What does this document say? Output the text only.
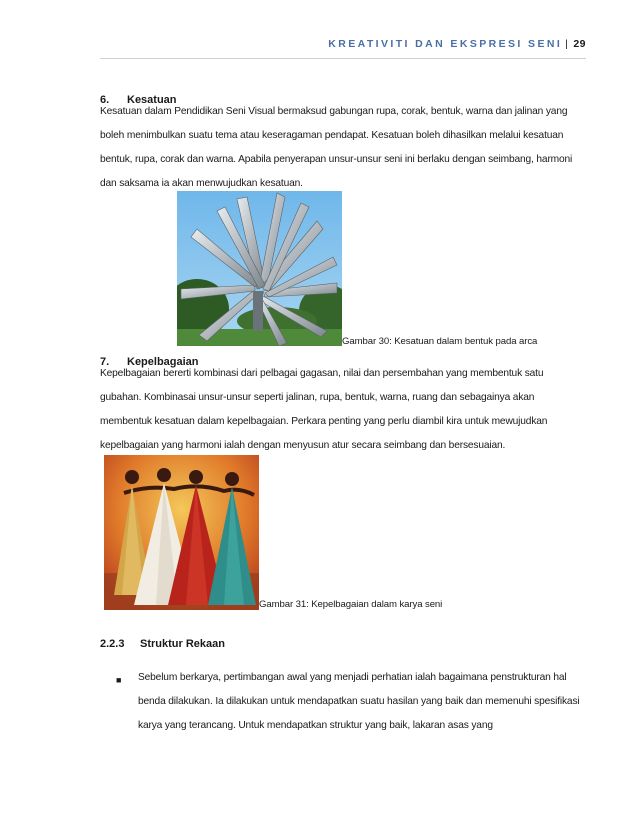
KREATIVITI DAN EKSPRESI SENI | 29
6. Kesatuan
Kesatuan dalam Pendidikan Seni Visual bermaksud gabungan rupa, corak, bentuk, warna dan jalinan yang boleh menimbulkan suatu tema atau keseragaman pendapat. Kesatuan boleh dihasilkan melalui kesatuan bentuk, rupa, corak dan warna. Apabila penyerapan unsur-unsur seni ini berlaku dengan seimbang, harmoni dan saksama ia akan menwujudkan kesatuan.
Gambar 30: Kesatuan dalam bentuk pada arca
7. Kepelbagaian
Kepelbagaian bererti kombinasi dari pelbagai gagasan, nilai dan persembahan yang membentuk satu gubahan. Kombinasai unsur-unsur seperti jalinan, rupa, bentuk, warna, ruang dan sebagainya akan membentuk kesatuan dalam kepelbagaian. Perkara penting yang perlu diambil kira untuk mewujudkan kepelbagaian yang harmoni ialah dengan menyusun atur secara seimbang dan bersesuaian.
Gambar 31: Kepelbagaian dalam karya seni
2.2.3 Struktur Rekaan
■ Sebelum berkarya, pertimbangan awal yang menjadi perhatian ialah bagaimana penstrukturan hal benda dilakukan. Ia dilakukan untuk mendapatkan suatu hasilan yang baik dan memenuhi spesifikasi karya yang terancang. Untuk mendapatkan struktur yang baik, lakaran asas yang
